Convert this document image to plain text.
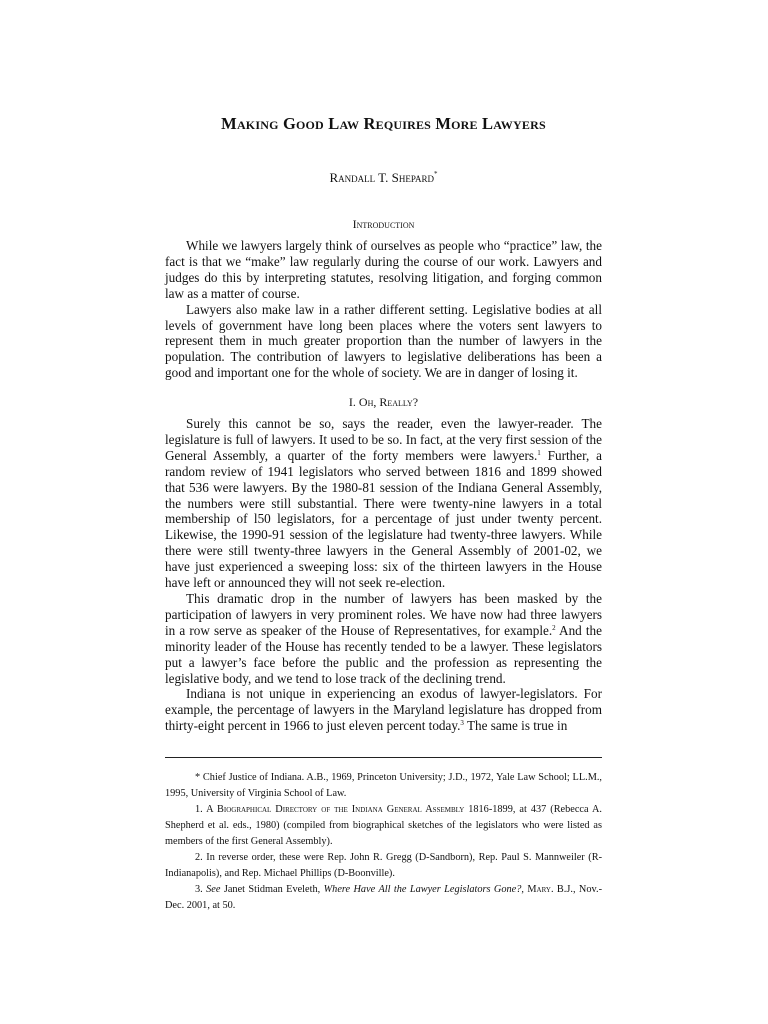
Making Good Law Requires More Lawyers
Randall T. Shepard*
Introduction

While we lawyers largely think of ourselves as people who “practice” law, the fact is that we “make” law regularly during the course of our work. Lawyers and judges do this by interpreting statutes, resolving litigation, and forging common law as a matter of course.

Lawyers also make law in a rather different setting. Legislative bodies at all levels of government have long been places where the voters sent lawyers to represent them in much greater proportion than the number of lawyers in the population. The contribution of lawyers to legislative deliberations has been a good and important one for the whole of society. We are in danger of losing it.

I. Oh, Really?

Surely this cannot be so, says the reader, even the lawyer-reader. The legislature is full of lawyers. It used to be so. In fact, at the very first session of the General Assembly, a quarter of the forty members were lawyers.$^1$ Further, a random review of 1941 legislators who served between 1816 and 1899 showed that 536 were lawyers. By the 1980-81 session of the Indiana General Assembly, the numbers were still substantial. There were twenty-nine lawyers in a total membership of l50 legislators, for a percentage of just under twenty percent. Likewise, the 1990-91 session of the legislature had twenty-three lawyers. While there were still twenty-three lawyers in the General Assembly of 2001-02, we have just experienced a sweeping loss: six of the thirteen lawyers in the House have left or announced they will not seek re-election.

This dramatic drop in the number of lawyers has been masked by the participation of lawyers in very prominent roles. We have now had three lawyers in a row serve as speaker of the House of Representatives, for example.$^2$ And the minority leader of the House has recently tended to be a lawyer. These legislators put a lawyer’s face before the public and the profession as representing the legislative body, and we tend to lose track of the declining trend.

Indiana is not unique in experiencing an exodus of lawyer-legislators. For example, the percentage of lawyers in the Maryland legislature has dropped from thirty-eight percent in 1966 to just eleven percent today.$^3$ The same is true in

* Chief Justice of Indiana. A.B., 1969, Princeton University; J.D., 1972, Yale Law School; LL.M., 1995, University of Virginia School of Law.

1. A Biographical Directory of the Indiana General Assembly 1816-1899, at 437 (Rebecca A. Shepherd et al. eds., 1980) (compiled from biographical sketches of the legislators who were listed as members of the first General Assembly).

2. In reverse order, these were Rep. John R. Gregg (D-Sandborn), Rep. Paul S. Mannweiler (R-Indianapolis), and Rep. Michael Phillips (D-Boonville).

3. See Janet Stidman Eveleth, Where Have All the Lawyer Legislators Gone?, Mary. B.J., Nov.-Dec. 2001, at 50.
